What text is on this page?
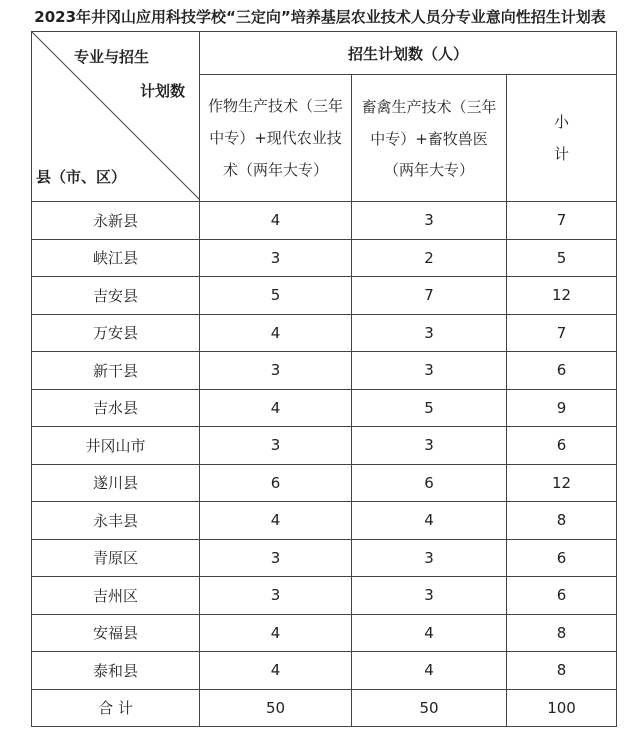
2023年井冈山应用科技学校“三定向”培养基层农业技术人员分专业意向性招生计划表
专业与招生
计划数
县（市、区）	招生计划数（人）		

	作物生产技术（三年中专）+现代农业技术（两年大专）	畜禽生产技术（三年中专）+畜牧兽医
（两年大专）	小计

永新县	4	3	7
峡江县	3	2	5
吉安县	5	7	12
万安县	4	3	7
新干县	3	3	6
吉水县	4	5	9
井冈山市	3	3	6
遂川县	6	6	12
永丰县	4	4	8
青原区	3	3	6
吉州区	3	3	6
安福县	4	4	8
泰和县	4	4	8
合 计	50	50	100
